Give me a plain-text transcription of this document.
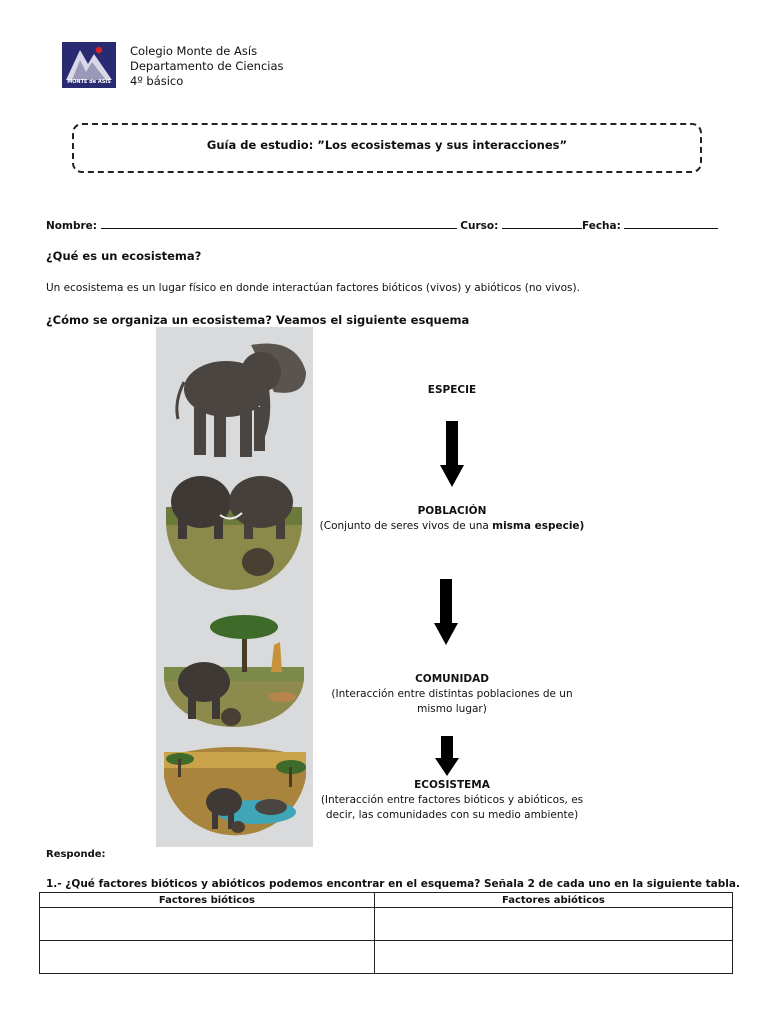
MONTE de ASIS
Colegio Monte de Asís
Departamento de Ciencias
4º básico
Guía de estudio: ”Los ecosistemas y sus interacciones”
Nombre:	Curso:	Fecha:
¿Qué es un ecosistema?
Un ecosistema es un lugar físico en donde interactúan factores bióticos (vivos) y abióticos (no vivos).
¿Cómo se organiza un ecosistema? Veamos el siguiente esquema
ESPECIE
POBLACIÓN
(Conjunto de seres vivos de una misma especie)
COMUNIDAD
(Interacción entre distintas poblaciones de un mismo lugar)
ECOSISTEMA
(Interacción entre factores bióticos y abióticos, es decir, las comunidades con su medio ambiente)
Responde:
1.- ¿Qué factores bióticos y abióticos podemos encontrar en el esquema? Señala 2 de cada uno en la siguiente tabla.
Factores bióticos	Factores abióticos
